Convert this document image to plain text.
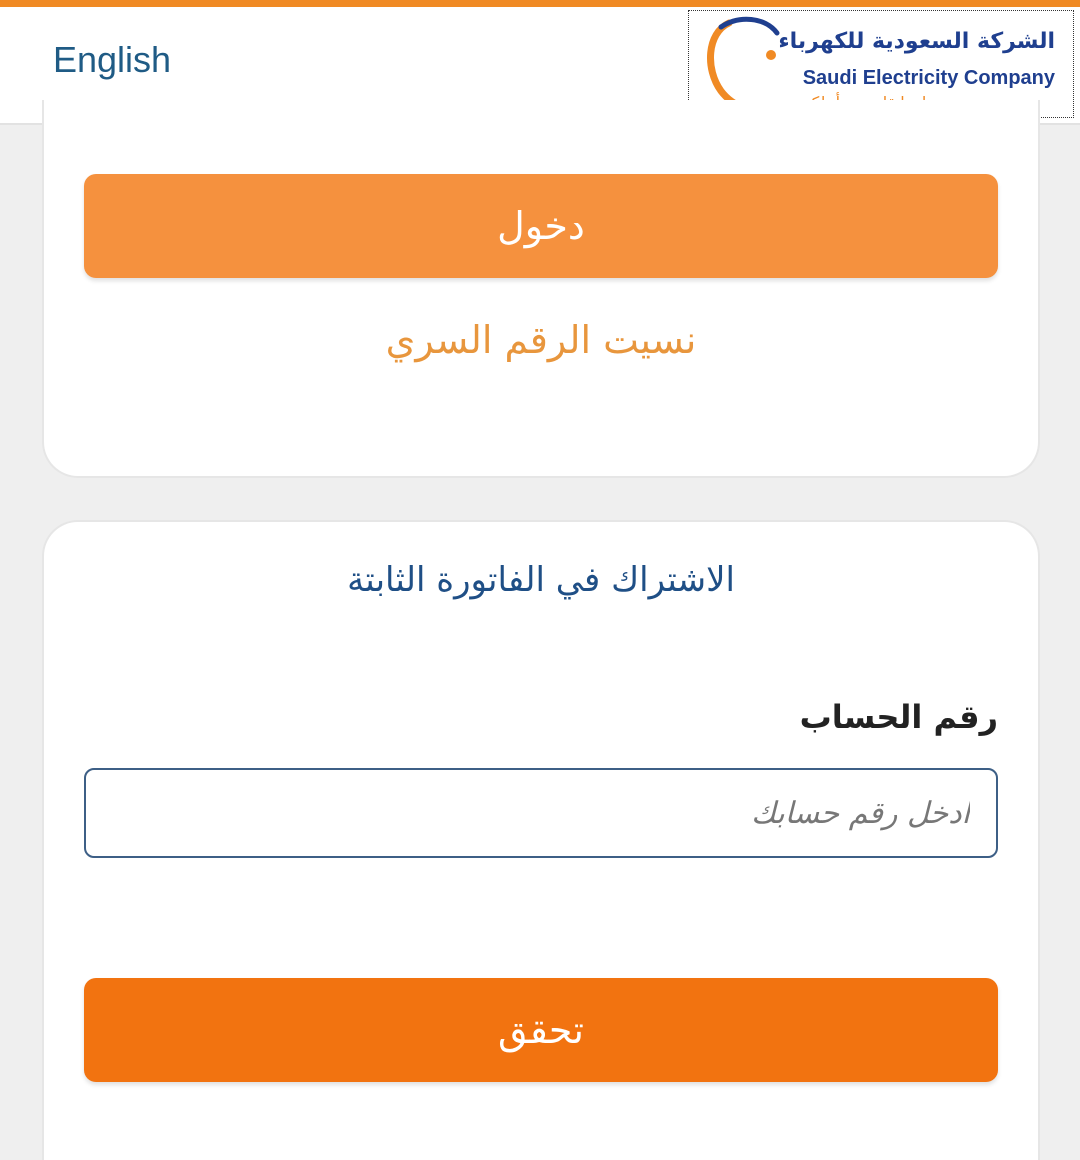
English	الشركة السعودية للكهرباء
Saudi Electricity Company
دخول
نسيت الرقم السري
الاشتراك في الفاتورة الثابتة
رقم الحساب
ادخل رقم حسابك
تحقق
